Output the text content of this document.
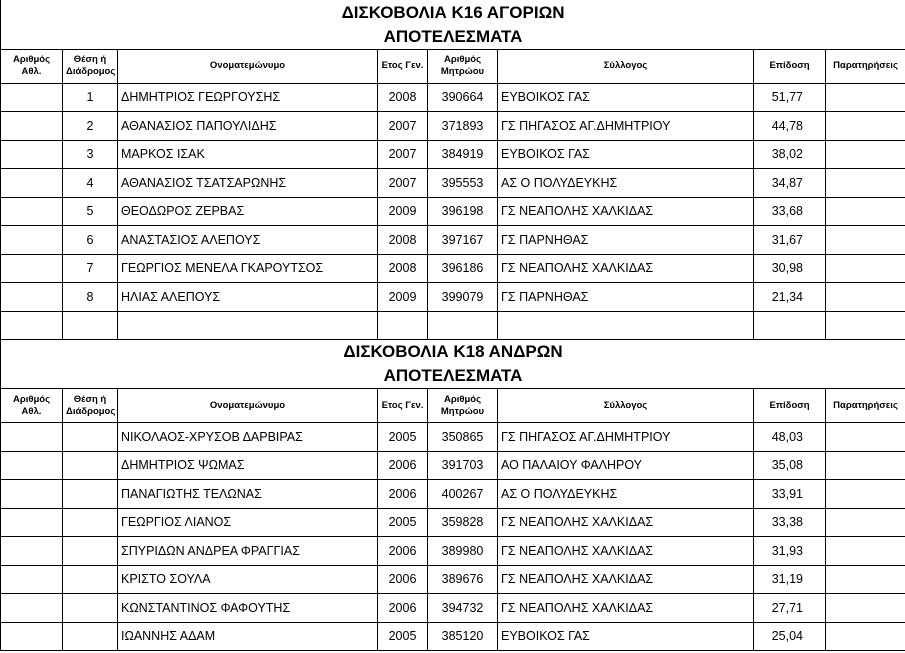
ΔΙΣΚΟΒΟΛΙΑ Κ16 ΑΓΟΡΙΩΝ							
ΑΠΟΤΕΛΕΣΜΑΤΑ							
Αριθμός Αθλ.	Θέση ή Διάδρομος	Ονοματεμώνυμο	Ετος Γεν.	Αριθμός Μητρώου	Σύλλογος	Επίδοση	Παρατηρήσεις
	1	ΔΗΜΗΤΡΙΟΣ ΓΕΩΡΓΟΥΣΗΣ	2008	390664	ΕΥΒΟΙΚΟΣ ΓΑΣ	51,77	
	2	ΑΘΑΝΑΣΙΟΣ ΠΑΠΟΥΛΙΔΗΣ	2007	371893	ΓΣ ΠΗΓΑΣΟΣ ΑΓ.ΔΗΜΗΤΡΙΟΥ	44,78	
	3	ΜΑΡΚΟΣ ΙΣΑΚ	2007	384919	ΕΥΒΟΙΚΟΣ ΓΑΣ	38,02	
	4	ΑΘΑΝΑΣΙΟΣ ΤΣΑΤΣΑΡΩΝΗΣ	2007	395553	ΑΣ Ο ΠΟΛΥΔΕΥΚΗΣ	34,87	
	5	ΘΕΟΔΩΡΟΣ ΖΕΡΒΑΣ	2009	396198	ΓΣ ΝΕΑΠΟΛΗΣ ΧΑΛΚΙΔΑΣ	33,68	
	6	ΑΝΑΣΤΑΣΙΟΣ ΑΛΕΠΟΥΣ	2008	397167	ΓΣ ΠΑΡΝΗΘΑΣ	31,67	
	7	ΓΕΩΡΓΙΟΣ ΜΕΝΕΛΑ ΓΚΑΡΟΥΤΣΟΣ	2008	396186	ΓΣ ΝΕΑΠΟΛΗΣ ΧΑΛΚΙΔΑΣ	30,98	
	8	ΗΛΙΑΣ ΑΛΕΠΟΥΣ	2009	399079	ΓΣ ΠΑΡΝΗΘΑΣ	21,34	

ΔΙΣΚΟΒΟΛΙΑ Κ18 ΑΝΔΡΩΝ							
ΑΠΟΤΕΛΕΣΜΑΤΑ							
Αριθμός Αθλ.	Θέση ή Διάδρομος	Ονοματεμώνυμο	Ετος Γεν.	Αριθμός Μητρώου	Σύλλογος	Επίδοση	Παρατηρήσεις
		ΝΙΚΟΛΑΟΣ-ΧΡΥΣΟΒ ΔΑΡΒΙΡΑΣ	2005	350865	ΓΣ ΠΗΓΑΣΟΣ ΑΓ.ΔΗΜΗΤΡΙΟΥ	48,03	
		ΔΗΜΗΤΡΙΟΣ ΨΩΜΑΣ	2006	391703	ΑΟ ΠΑΛΑΙΟΥ ΦΑΛΗΡΟΥ	35,08	
		ΠΑΝΑΓΙΩΤΗΣ ΤΕΛΩΝΑΣ	2006	400267	ΑΣ Ο ΠΟΛΥΔΕΥΚΗΣ	33,91	
		ΓΕΩΡΓΙΟΣ ΛΙΑΝΟΣ	2005	359828	ΓΣ ΝΕΑΠΟΛΗΣ ΧΑΛΚΙΔΑΣ	33,38	
		ΣΠΥΡΙΔΩΝ ΑΝΔΡΕΑ ΦΡΑΓΓΙΑΣ	2006	389980	ΓΣ ΝΕΑΠΟΛΗΣ ΧΑΛΚΙΔΑΣ	31,93	
		ΚΡΙΣΤΟ ΣΟΥΛΑ	2006	389676	ΓΣ ΝΕΑΠΟΛΗΣ ΧΑΛΚΙΔΑΣ	31,19	
		ΚΩΝΣΤΑΝΤΙΝΟΣ ΦΑΦΟΥΤΗΣ	2006	394732	ΓΣ ΝΕΑΠΟΛΗΣ ΧΑΛΚΙΔΑΣ	27,71	
		ΙΩΑΝΝΗΣ ΑΔΑΜ	2005	385120	ΕΥΒΟΙΚΟΣ ΓΑΣ	25,04	
